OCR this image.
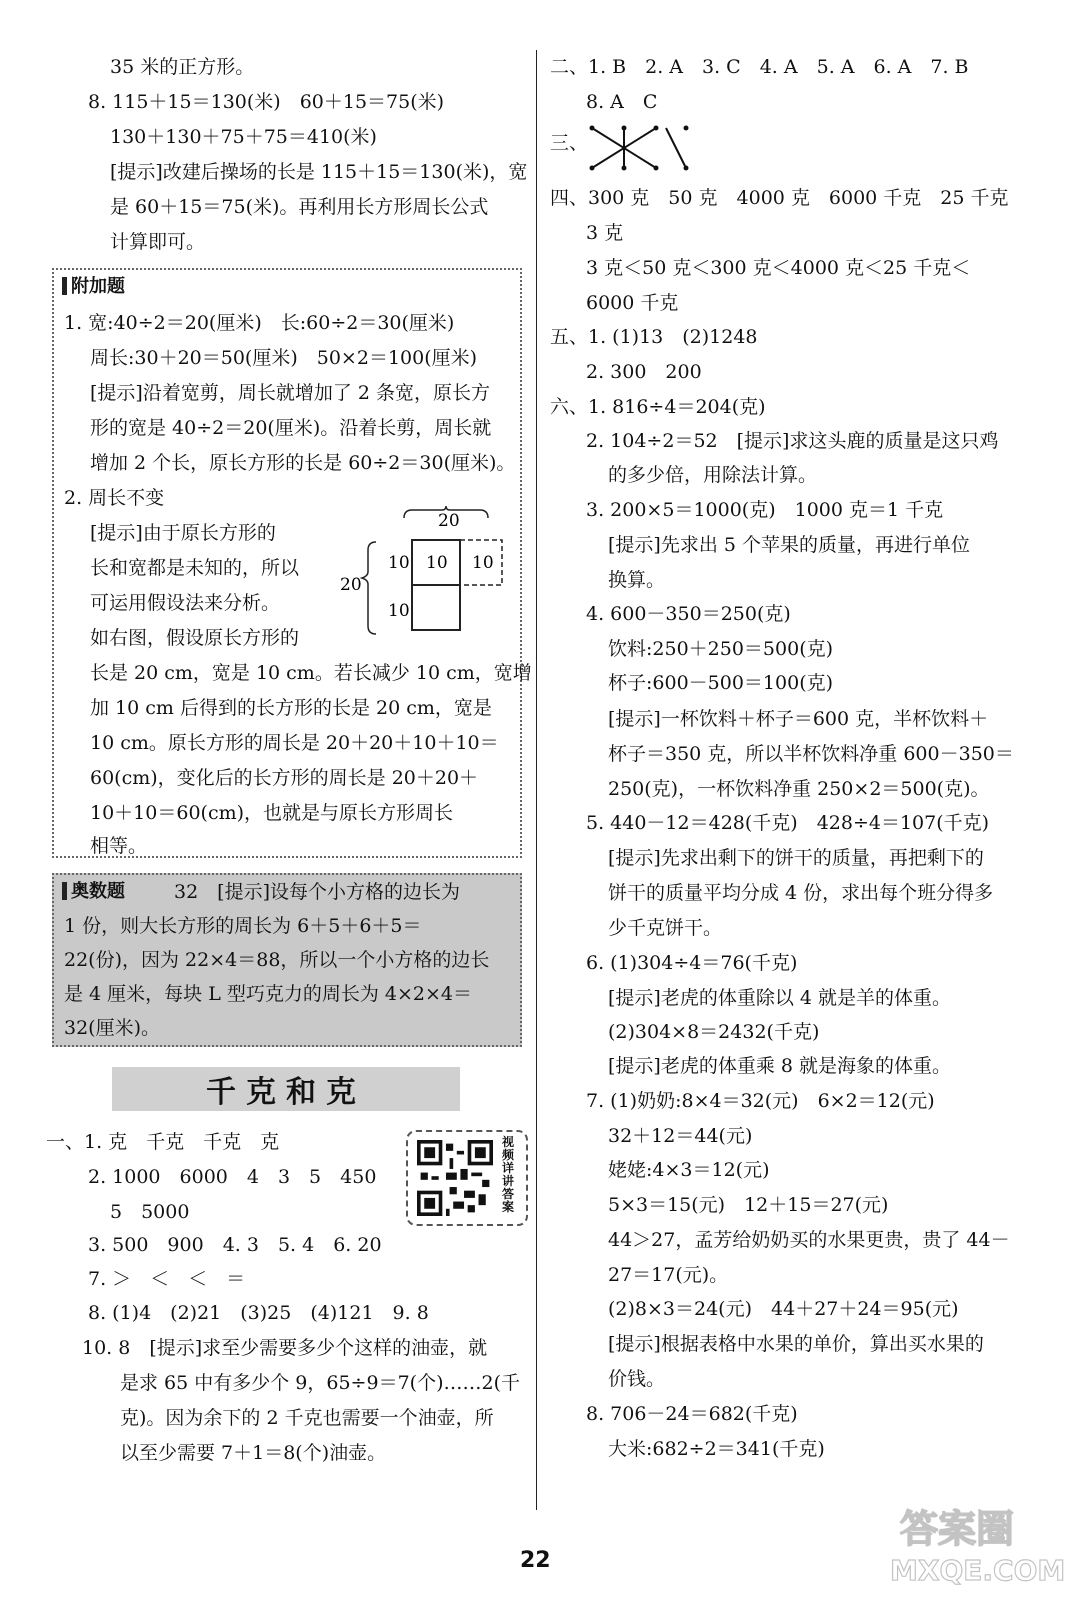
35 米的正方形。
8. 115＋15＝130(米)　60＋15＝75(米)
130＋130＋75＋75＝410(米)
[提示]改建后操场的长是 115＋15＝130(米)，宽
是 60＋15＝75(米)。再利用长方形周长公式
计算即可。
附加题
1. 宽:40÷2＝20(厘米)　长:60÷2＝30(厘米)
周长:30＋20＝50(厘米)　50×2＝100(厘米)
[提示]沿着宽剪，周长就增加了 2 条宽，原长方
形的宽是 40÷2＝20(厘米)。沿着长剪，周长就
增加 2 个长，原长方形的长是 60÷2＝30(厘米)。
2. 周长不变
[提示]由于原长方形的
长和宽都是未知的，所以
可运用假设法来分析。
如右图，假设原长方形的
长是 20 cm，宽是 10 cm。若长减少 10 cm，宽增
加 10 cm 后得到的长方形的长是 20 cm，宽是
10 cm。原长方形的周长是 20＋20＋10＋10＝
60(cm)，变化后的长方形的周长是 20＋20＋
10＋10＝60(cm)，也就是与原长方形周长
相等。
20
20
10
10
10 10
奥数题	32　[提示]设每个小方格的边长为
1 份，则大长方形的周长为 6＋5＋6＋5＝
22(份)，因为 22×4＝88，所以一个小方格的边长
是 4 厘米，每块 L 型巧克力的周长为 4×2×4＝
32(厘米)。
千克和克
视频详讲答案
一、1. 克　千克　千克　克
2. 1000　6000　4　3　5　450
5　5000
3. 500　900　4. 3　5. 4　6. 20
7. ＞　＜　＜　＝
8. (1)4　(2)21　(3)25　(4)121　9. 8
10. 8　[提示]求至少需要多少个这样的油壶，就
是求 65 中有多少个 9，65÷9＝7(个)……2(千
克)。因为余下的 2 千克也需要一个油壶，所
以至少需要 7＋1＝8(个)油壶。
二、1. B　2. A　3. C　4. A　5. A　6. A　7. B
8. A　C
三、
四、300 克　50 克　4000 克　6000 千克　25 千克
3 克
3 克＜50 克＜300 克＜4000 克＜25 千克＜
6000 千克
五、1. (1)13　(2)1248
2. 300　200
六、1. 816÷4＝204(克)
2. 104÷2＝52　[提示]求这头鹿的质量是这只鸡
的多少倍，用除法计算。
3. 200×5＝1000(克)　1000 克＝1 千克
[提示]先求出 5 个苹果的质量，再进行单位
换算。
4. 600－350＝250(克)
饮料:250＋250＝500(克)
杯子:600－500＝100(克)
[提示]一杯饮料＋杯子＝600 克，半杯饮料＋
杯子＝350 克，所以半杯饮料净重 600－350＝
250(克)，一杯饮料净重 250×2＝500(克)。
5. 440－12＝428(千克)　428÷4＝107(千克)
[提示]先求出剩下的饼干的质量，再把剩下的
饼干的质量平均分成 4 份，求出每个班分得多
少千克饼干。
6. (1)304÷4＝76(千克)
[提示]老虎的体重除以 4 就是羊的体重。
(2)304×8＝2432(千克)
[提示]老虎的体重乘 8 就是海象的体重。
7. (1)奶奶:8×4＝32(元)　6×2＝12(元)
32＋12＝44(元)
姥姥:4×3＝12(元)
5×3＝15(元)　12＋15＝27(元)
44＞27，孟芳给奶奶买的水果更贵，贵了 44－
27＝17(元)。
(2)8×3＝24(元)　44＋27＋24＝95(元)
[提示]根据表格中水果的单价，算出买水果的
价钱。
8. 706－24＝682(千克)
大米:682÷2＝341(千克)
22
答案圈
MXQE.COM
